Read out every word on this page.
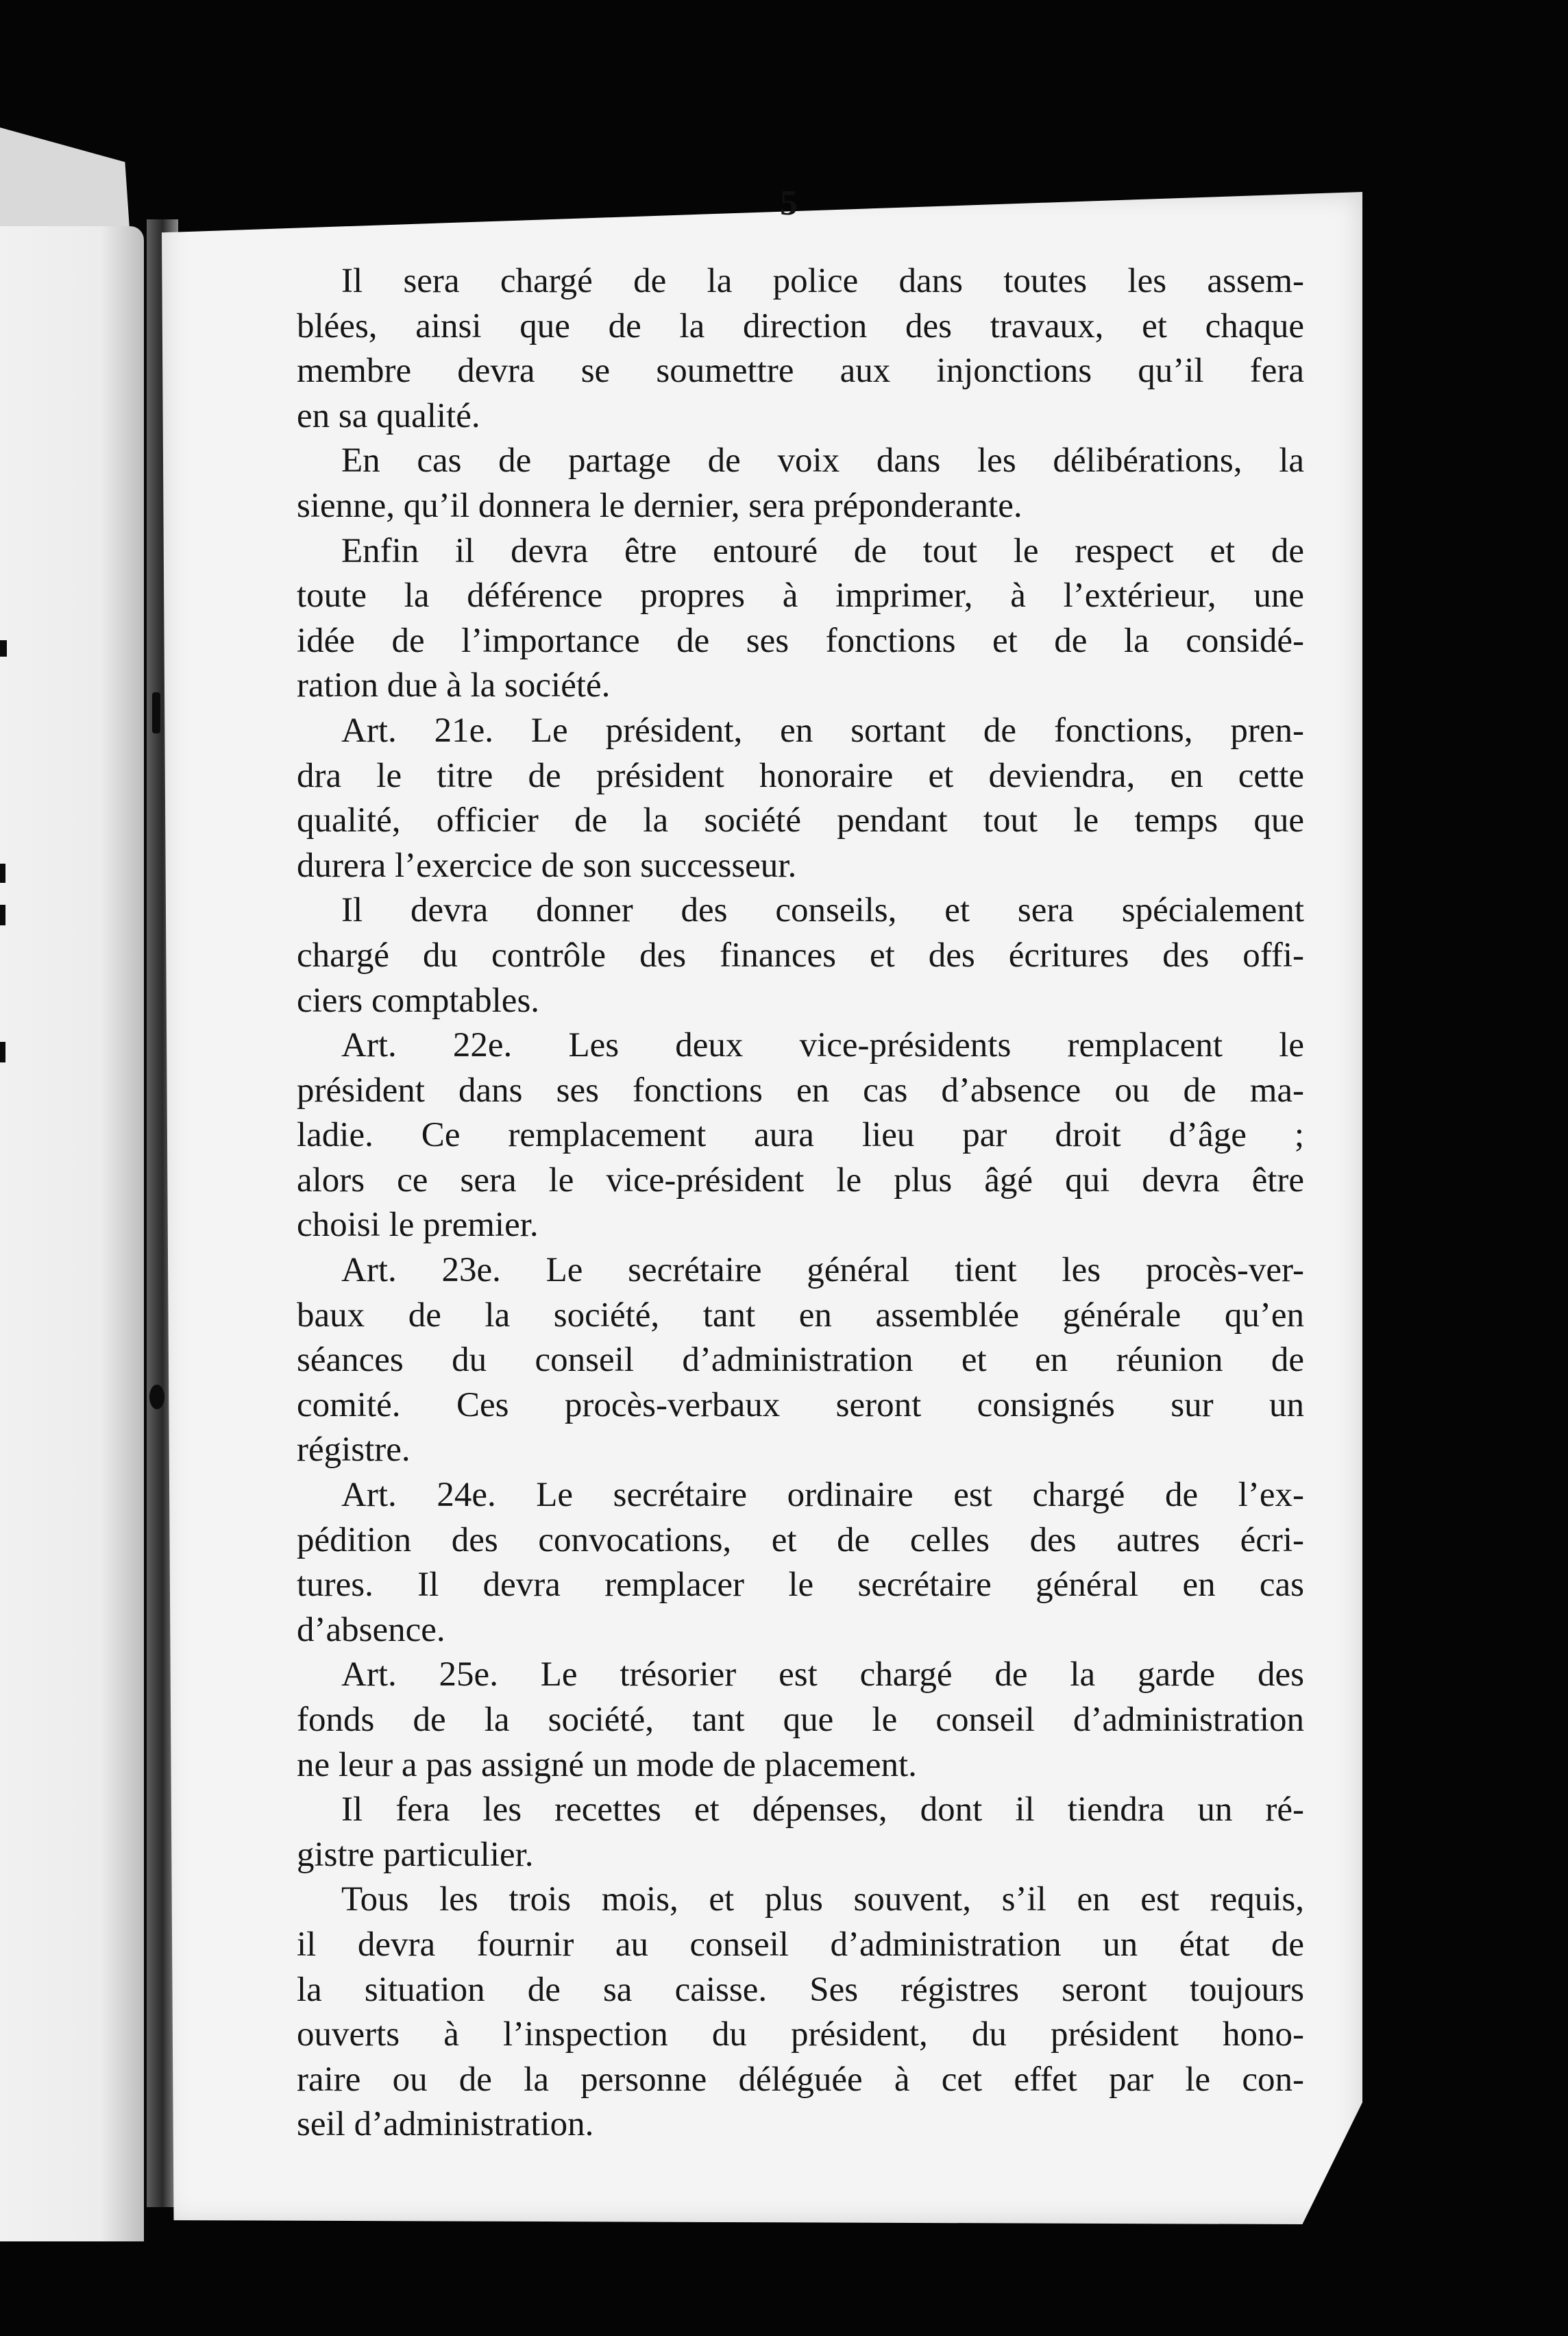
5
Il sera chargé de la police dans toutes les assem-
blées, ainsi que de la direction des travaux, et chaque
membre devra se soumettre aux injonctions qu’il fera
en sa qualité.
En cas de partage de voix dans les délibérations, la
sienne, qu’il donnera le dernier, sera préponderante.
Enfin il devra être entouré de tout le respect et de
toute la déférence propres à imprimer, à l’extérieur, une
idée de l’importance de ses fonctions et de la considé-
ration due à la société.
Art. 21e. Le président, en sortant de fonctions, pren-
dra le titre de président honoraire et deviendra, en cette
qualité, officier de la société pendant tout le temps que
durera l’exercice de son successeur.
Il devra donner des conseils, et sera spécialement
chargé du contrôle des finances et des écritures des offi-
ciers comptables.
Art. 22e. Les deux vice-présidents remplacent le
président dans ses fonctions en cas d’absence ou de ma-
ladie. Ce remplacement aura lieu par droit d’âge ;
alors ce sera le vice-président le plus âgé qui devra être
choisi le premier.
Art. 23e. Le secrétaire général tient les procès-ver-
baux de la société, tant en assemblée générale qu’en
séances du conseil d’administration et en réunion de
comité. Ces procès-verbaux seront consignés sur un
régistre.
Art. 24e. Le secrétaire ordinaire est chargé de l’ex-
pédition des convocations, et de celles des autres écri-
tures. Il devra remplacer le secrétaire général en cas
d’absence.
Art. 25e. Le trésorier est chargé de la garde des
fonds de la société, tant que le conseil d’administration
ne leur a pas assigné un mode de placement.
Il fera les recettes et dépenses, dont il tiendra un ré-
gistre particulier.
Tous les trois mois, et plus souvent, s’il en est requis,
il devra fournir au conseil d’administration un état de
la situation de sa caisse. Ses régistres seront toujours
ouverts à l’inspection du président, du président hono-
raire ou de la personne déléguée à cet effet par le con-
seil d’administration.
